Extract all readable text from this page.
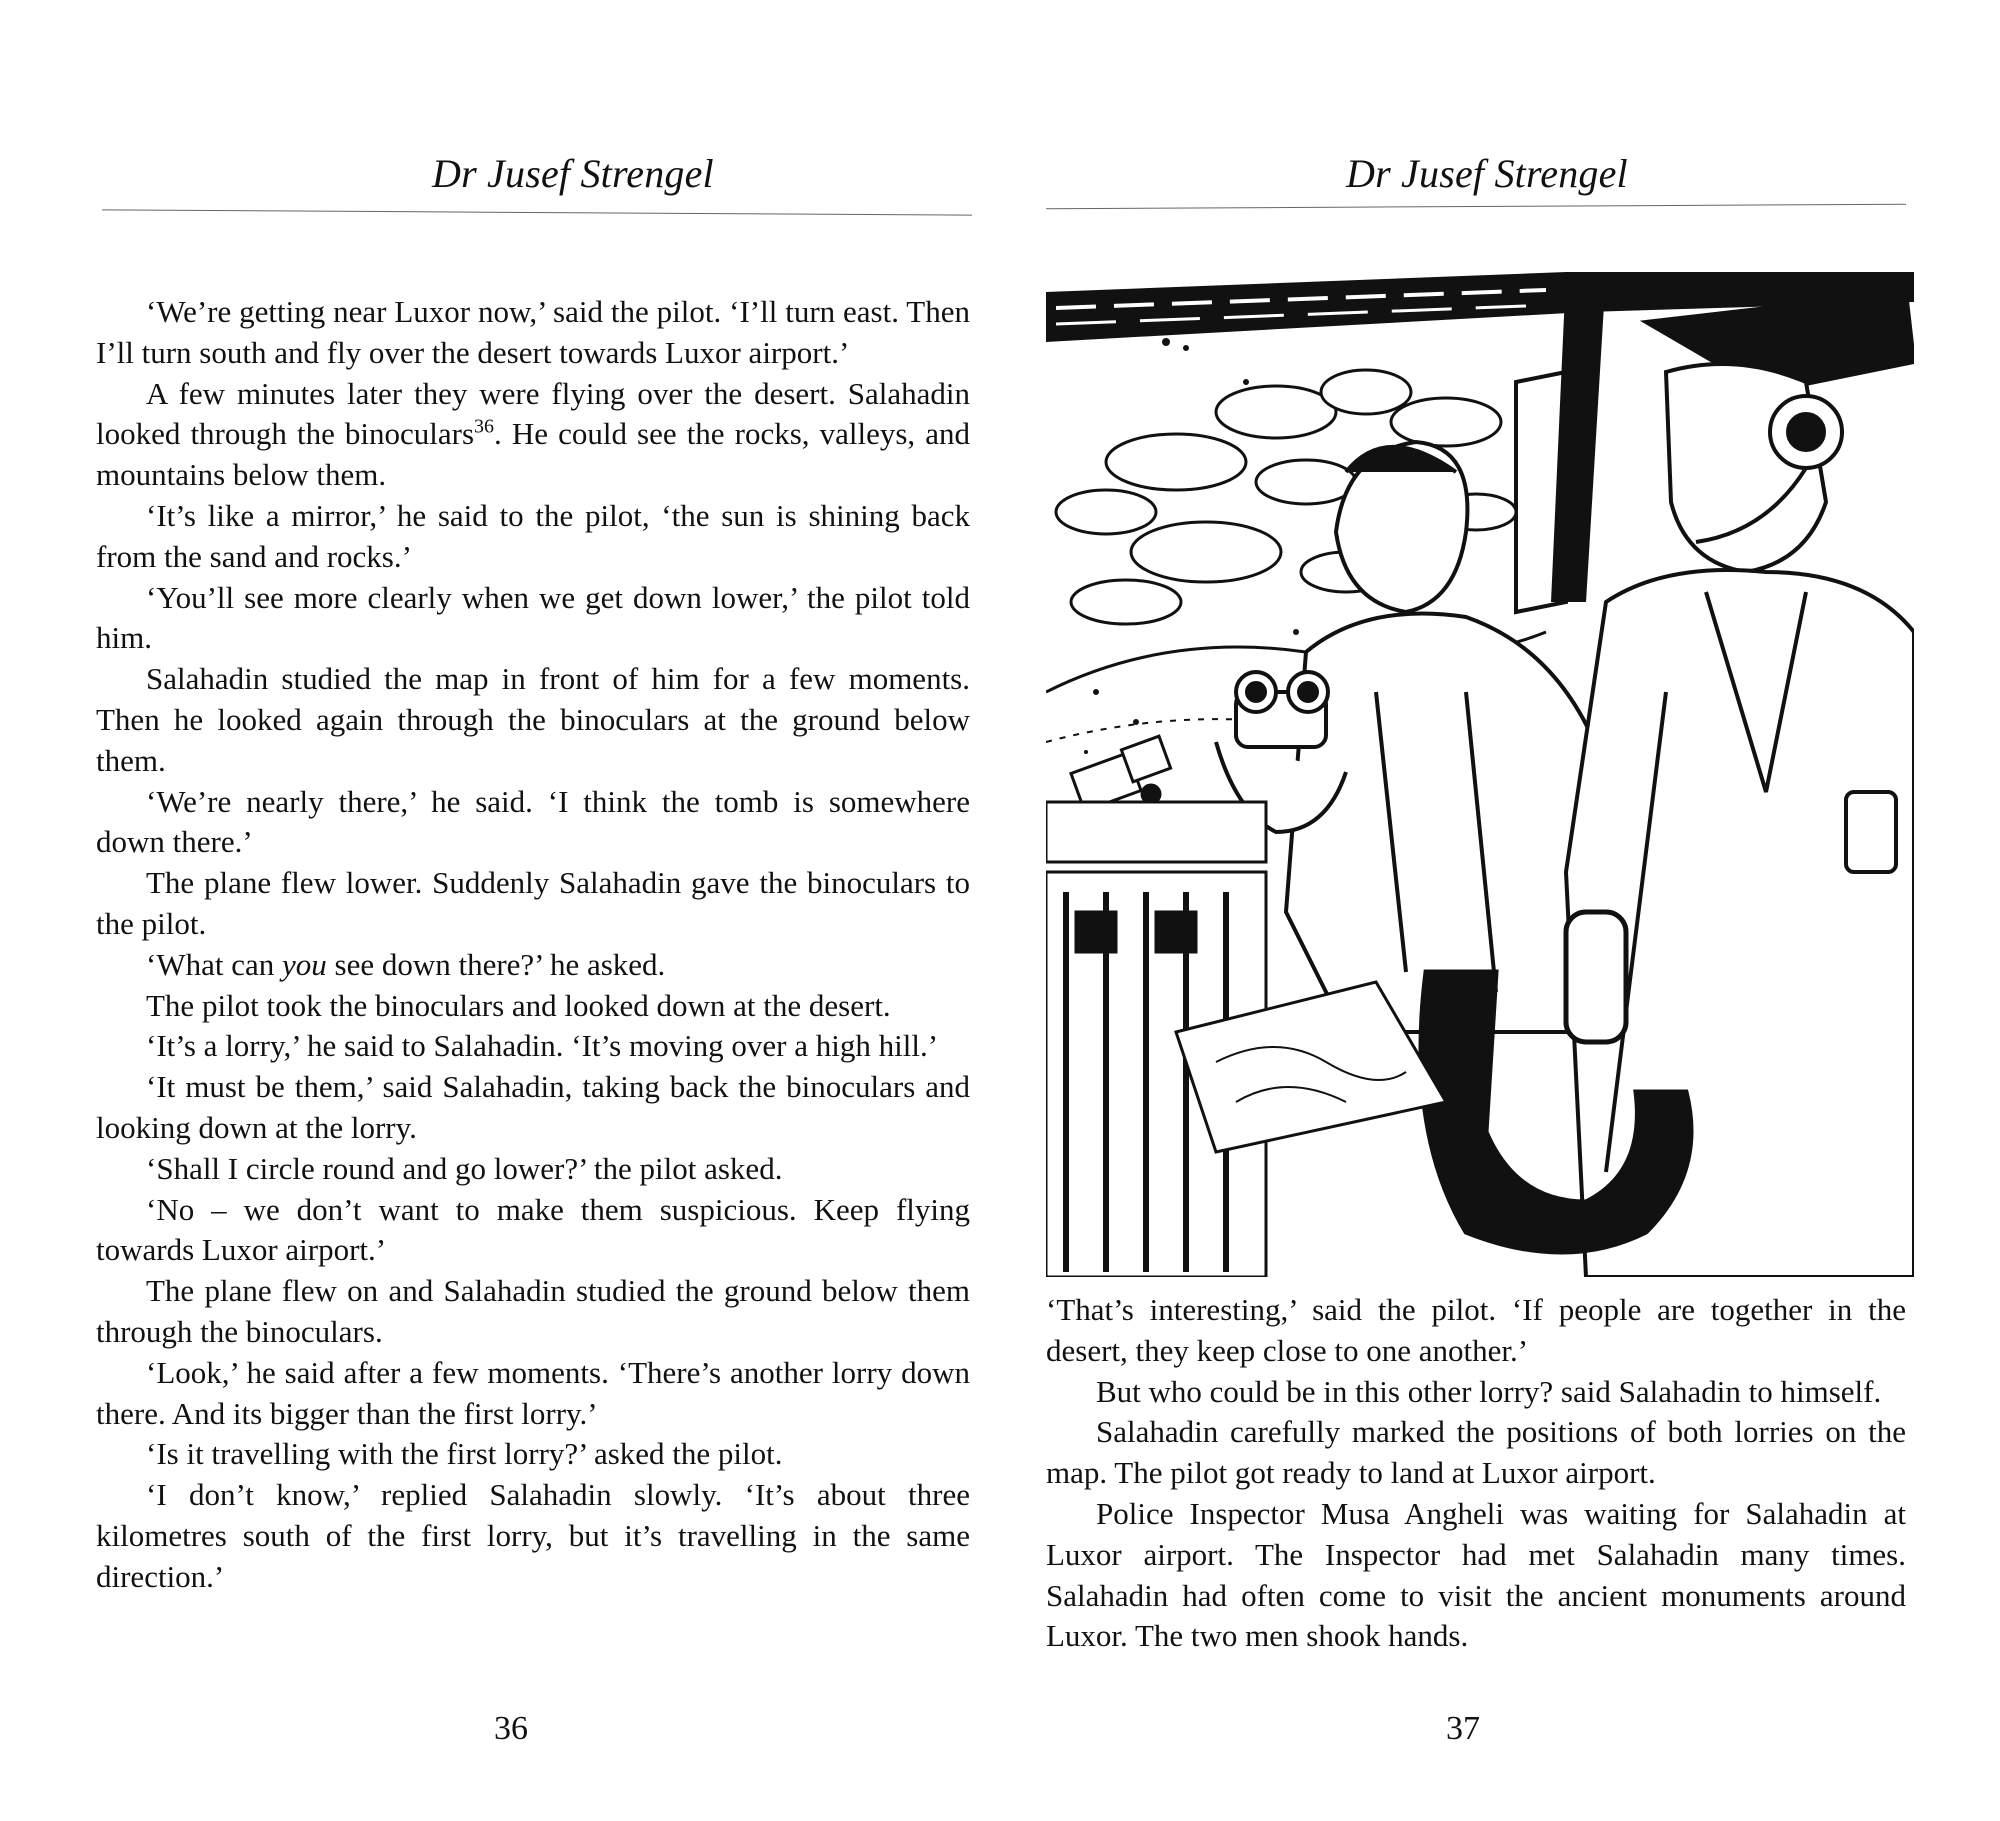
Dr Jusef Strengel

‘We’re getting near Luxor now,’ said the pilot. ‘I’ll turn east. Then I’ll turn south and fly over the desert towards Luxor airport.’

A few minutes later they were flying over the desert. Salahadin looked through the binoculars$^{36}$. He could see the rocks, valleys, and mountains below them.

‘It’s like a mirror,’ he said to the pilot, ‘the sun is shining back from the sand and rocks.’

‘You’ll see more clearly when we get down lower,’ the pilot told him.

Salahadin studied the map in front of him for a few moments. Then he looked again through the binoculars at the ground below them.

‘We’re nearly there,’ he said. ‘I think the tomb is somewhere down there.’

The plane flew lower. Suddenly Salahadin gave the binoculars to the pilot.

‘What can you see down there?’ he asked.

The pilot took the binoculars and looked down at the desert.

‘It’s a lorry,’ he said to Salahadin. ‘It’s moving over a high hill.’

‘It must be them,’ said Salahadin, taking back the binoculars and looking down at the lorry.

‘Shall I circle round and go lower?’ the pilot asked.

‘No – we don’t want to make them suspicious. Keep flying towards Luxor airport.’

The plane flew on and Salahadin studied the ground below them through the binoculars.

‘Look,’ he said after a few moments. ‘There’s another lorry down there. And its bigger than the first lorry.’

‘Is it travelling with the first lorry?’ asked the pilot.

‘I don’t know,’ replied Salahadin slowly. ‘It’s about three kilometres south of the first lorry, but it’s travelling in the same direction.’

36
Dr Jusef Strengel

‘That’s interesting,’ said the pilot. ‘If people are together in the desert, they keep close to one another.’

But who could be in this other lorry? said Salahadin to himself.

Salahadin carefully marked the positions of both lorries on the map. The pilot got ready to land at Luxor airport.

Police Inspector Musa Angheli was waiting for Salahadin at Luxor airport. The Inspector had met Salahadin many times. Salahadin had often come to visit the ancient monuments around Luxor. The two men shook hands.

37
